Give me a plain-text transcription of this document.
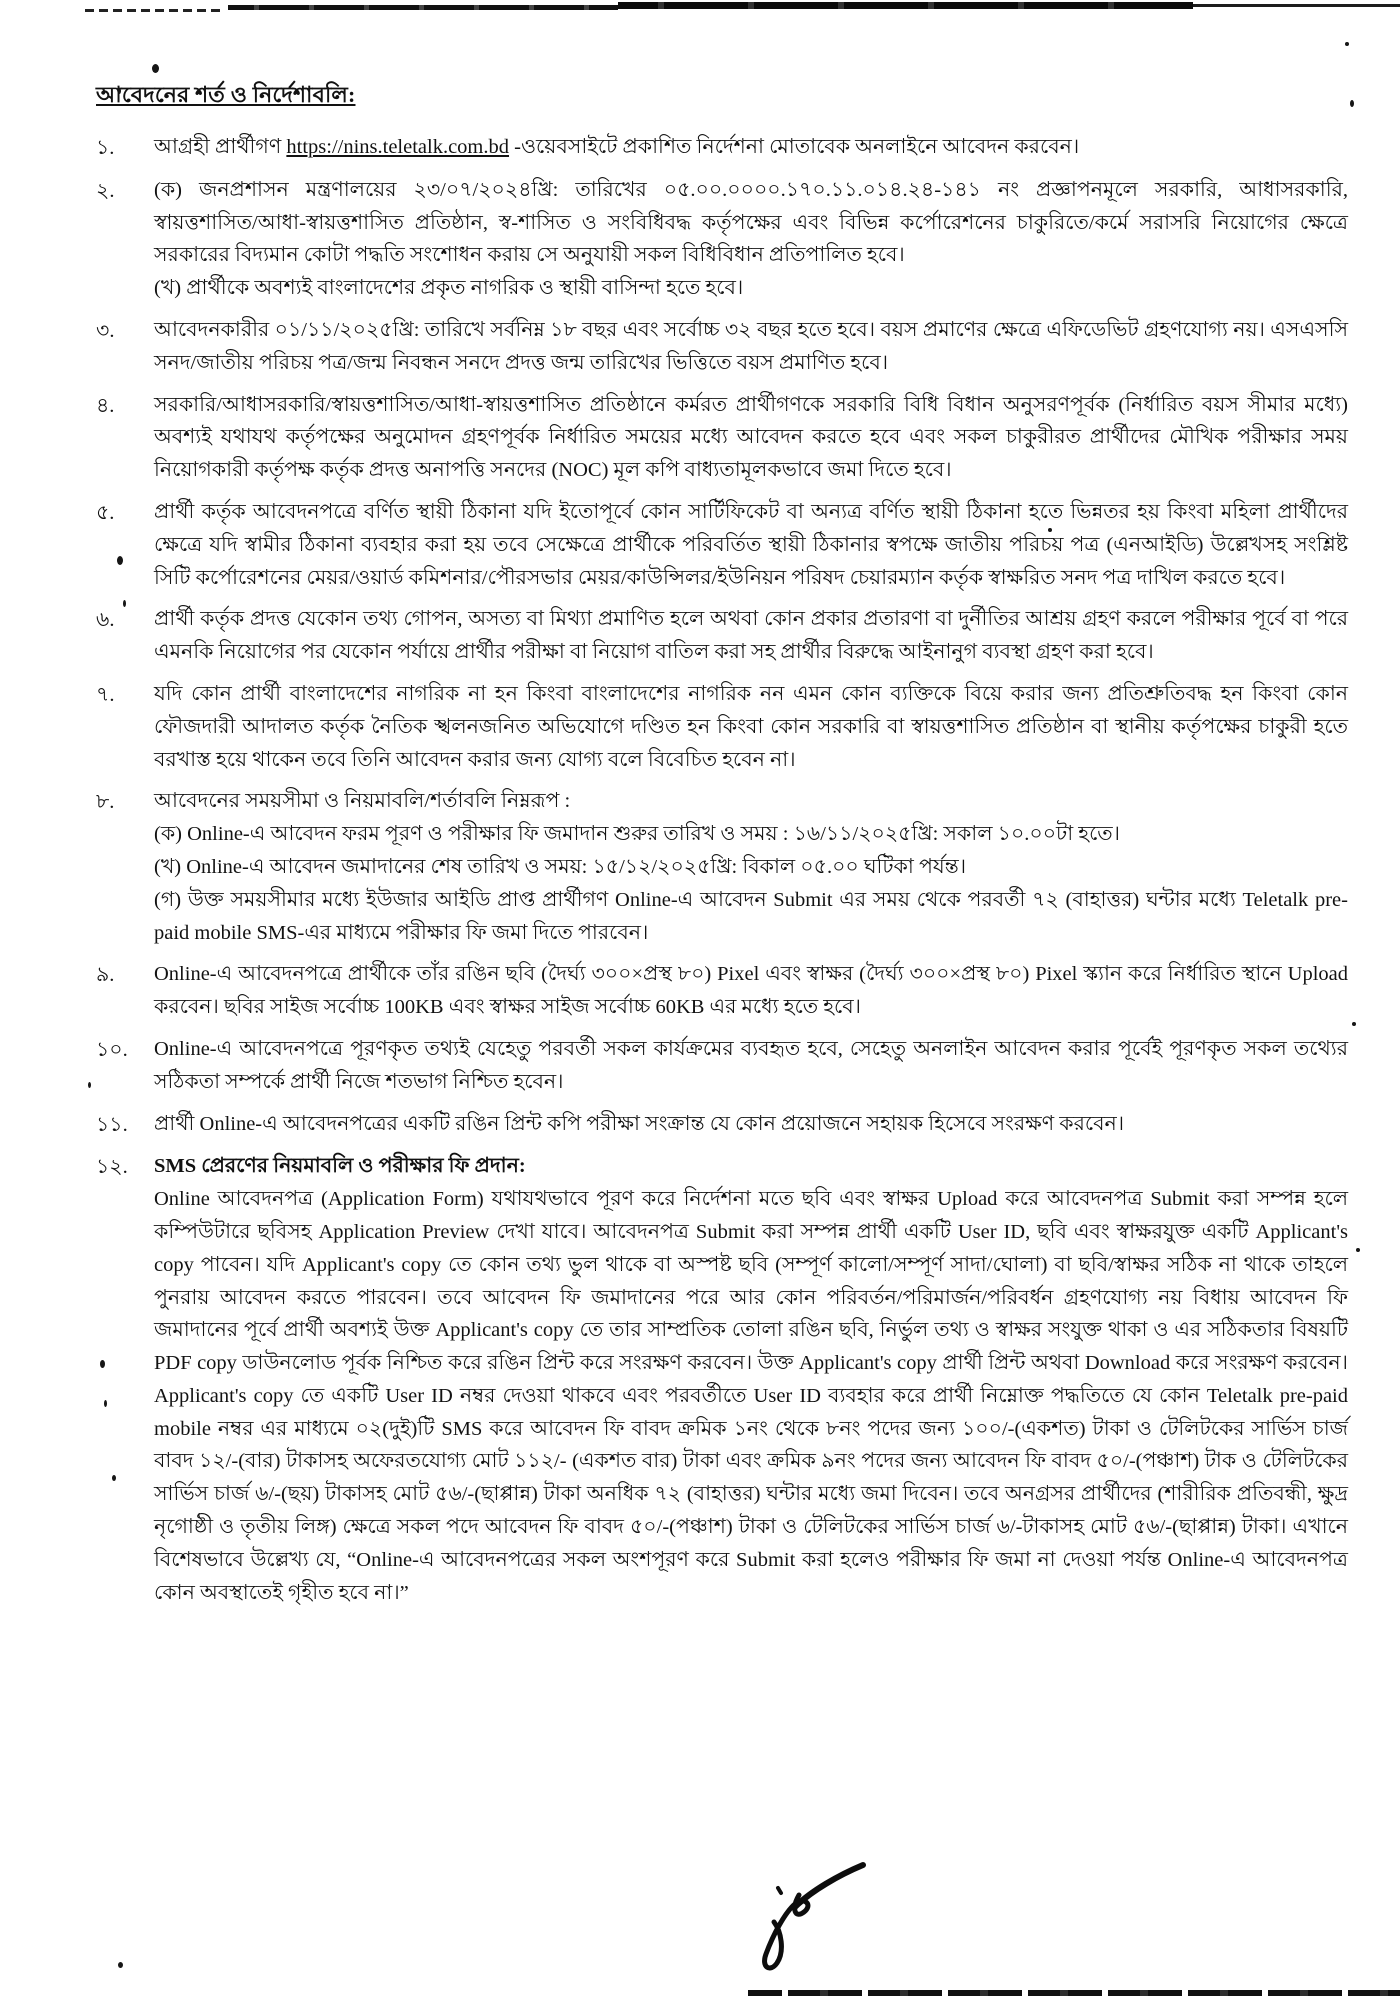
আবেদনের শর্ত ও নির্দেশাবলি:
১.	আগ্রহী প্রার্থীগণ https://nins.teletalk.com.bd -ওয়েবসাইটে প্রকাশিত নির্দেশনা মোতাবেক অনলাইনে আবেদন করবেন।

২.	(ক) জনপ্রশাসন মন্ত্রণালয়ের ২৩/০৭/২০২৪খ্রি: তারিখের ০৫.০০.০০০০.১৭০.১১.০১৪.২৪-১৪১ নং প্রজ্ঞাপনমূলে সরকারি, আধাসরকারি, স্বায়ত্তশাসিত/আধা-স্বায়ত্তশাসিত প্রতিষ্ঠান, স্ব-শাসিত ও সংবিধিবদ্ধ কর্তৃপক্ষের এবং বিভিন্ন কর্পোরেশনের চাকুরিতে/কর্মে সরাসরি নিয়োগের ক্ষেত্রে সরকারের বিদ্যমান কোটা পদ্ধতি সংশোধন করায় সে অনুযায়ী সকল বিধিবিধান প্রতিপালিত হবে।

(খ) প্রার্থীকে অবশ্যই বাংলাদেশের প্রকৃত নাগরিক ও স্থায়ী বাসিন্দা হতে হবে।

৩.	আবেদনকারীর ০১/১১/২০২৫খ্রি: তারিখে সর্বনিম্ন ১৮ বছর এবং সর্বোচ্চ ৩২ বছর হতে হবে। বয়স প্রমাণের ক্ষেত্রে এফিডেভিট গ্রহণযোগ্য নয়। এসএসসি সনদ/জাতীয় পরিচয় পত্র/জন্ম নিবন্ধন সনদে প্রদত্ত জন্ম তারিখের ভিত্তিতে বয়স প্রমাণিত হবে।

৪.	সরকারি/আধাসরকারি/স্বায়ত্তশাসিত/আধা-স্বায়ত্তশাসিত প্রতিষ্ঠানে কর্মরত প্রার্থীগণকে সরকারি বিধি বিধান অনুসরণপূর্বক (নির্ধারিত বয়স সীমার মধ্যে) অবশ্যই যথাযথ কর্তৃপক্ষের অনুমোদন গ্রহণপূর্বক নির্ধারিত সময়ের মধ্যে আবেদন করতে হবে এবং সকল চাকুরীরত প্রার্থীদের মৌখিক পরীক্ষার সময় নিয়োগকারী কর্তৃপক্ষ কর্তৃক প্রদত্ত অনাপত্তি সনদের (NOC) মূল কপি বাধ্যতামূলকভাবে জমা দিতে হবে।

৫.	প্রার্থী কর্তৃক আবেদনপত্রে বর্ণিত স্থায়ী ঠিকানা যদি ইতোপূর্বে কোন সার্টিফিকেট বা অন্যত্র বর্ণিত স্থায়ী ঠিকানা হতে ভিন্নতর হয় কিংবা মহিলা প্রার্থীদের ক্ষেত্রে যদি স্বামীর ঠিকানা ব্যবহার করা হয় তবে সেক্ষেত্রে প্রার্থীকে পরিবর্তিত স্থায়ী ঠিকানার স্বপক্ষে জাতীয় পরিচয় পত্র (এনআইডি) উল্লেখসহ সংশ্লিষ্ট সিটি কর্পোরেশনের মেয়র/ওয়ার্ড কমিশনার/পৌরসভার মেয়র/কাউন্সিলর/ইউনিয়ন পরিষদ চেয়ারম্যান কর্তৃক স্বাক্ষরিত সনদ পত্র দাখিল করতে হবে।

৬.	প্রার্থী কর্তৃক প্রদত্ত যেকোন তথ্য গোপন, অসত্য বা মিথ্যা প্রমাণিত হলে অথবা কোন প্রকার প্রতারণা বা দুর্নীতির আশ্রয় গ্রহণ করলে পরীক্ষার পূর্বে বা পরে এমনকি নিয়োগের পর যেকোন পর্যায়ে প্রার্থীর পরীক্ষা বা নিয়োগ বাতিল করা সহ প্রার্থীর বিরুদ্ধে আইনানুগ ব্যবস্থা গ্রহণ করা হবে।

৭.	যদি কোন প্রার্থী বাংলাদেশের নাগরিক না হন কিংবা বাংলাদেশের নাগরিক নন এমন কোন ব্যক্তিকে বিয়ে করার জন্য প্রতিশ্রুতিবদ্ধ হন কিংবা কোন ফৌজদারী আদালত কর্তৃক নৈতিক স্খলনজনিত অভিযোগে দণ্ডিত হন কিংবা কোন সরকারি বা স্বায়ত্তশাসিত প্রতিষ্ঠান বা স্থানীয় কর্তৃপক্ষের চাকুরী হতে বরখাস্ত হয়ে থাকেন তবে তিনি আবেদন করার জন্য যোগ্য বলে বিবেচিত হবেন না।

৮.	আবেদনের সময়সীমা ও নিয়মাবলি/শর্তাবলি নিম্নরূপ :

(ক) Online-এ আবেদন ফরম পূরণ ও পরীক্ষার ফি জমাদান শুরুর তারিখ ও সময় : ১৬/১১/২০২৫খ্রি: সকাল ১০.০০টা হতে।

(খ) Online-এ আবেদন জমাদানের শেষ তারিখ ও সময়: ১৫/১২/২০২৫খ্রি: বিকাল ০৫.০০ ঘটিকা পর্যন্ত।

(গ) উক্ত সময়সীমার মধ্যে ইউজার আইডি প্রাপ্ত প্রার্থীগণ Online-এ আবেদন Submit এর সময় থেকে পরবর্তী ৭২ (বাহাত্তর) ঘন্টার মধ্যে Teletalk pre-paid mobile SMS-এর মাধ্যমে পরীক্ষার ফি জমা দিতে পারবেন।

৯.	Online-এ আবেদনপত্রে প্রার্থীকে তাঁর রঙিন ছবি (দৈর্ঘ্য ৩০০×প্রস্থ ৮০) Pixel এবং স্বাক্ষর (দৈর্ঘ্য ৩০০×প্রস্থ ৮০) Pixel স্ক্যান করে নির্ধারিত স্থানে Upload করবেন। ছবির সাইজ সর্বোচ্চ 100KB এবং স্বাক্ষর সাইজ সর্বোচ্চ 60KB এর মধ্যে হতে হবে।

১০.	Online-এ আবেদনপত্রে পূরণকৃত তথ্যই যেহেতু পরবর্তী সকল কার্যক্রমের ব্যবহৃত হবে, সেহেতু অনলাইন আবেদন করার পূর্বেই পূরণকৃত সকল তথ্যের সঠিকতা সম্পর্কে প্রার্থী নিজে শতভাগ নিশ্চিত হবেন।

১১.	প্রার্থী Online-এ আবেদনপত্রের একটি রঙিন প্রিন্ট কপি পরীক্ষা সংক্রান্ত যে কোন প্রয়োজনে সহায়ক হিসেবে সংরক্ষণ করবেন।

১২.	SMS প্রেরণের নিয়মাবলি ও পরীক্ষার ফি প্রদান:

Online আবেদনপত্র (Application Form) যথাযথভাবে পূরণ করে নির্দেশনা মতে ছবি এবং স্বাক্ষর Upload করে আবেদনপত্র Submit করা সম্পন্ন হলে কম্পিউটারে ছবিসহ Application Preview দেখা যাবে। আবেদনপত্র Submit করা সম্পন্ন প্রার্থী একটি User ID, ছবি এবং স্বাক্ষরযুক্ত একটি Applicant's copy পাবেন। যদি Applicant's copy তে কোন তথ্য ভুল থাকে বা অস্পষ্ট ছবি (সম্পূর্ণ কালো/সম্পূর্ণ সাদা/ঘোলা) বা ছবি/স্বাক্ষর সঠিক না থাকে তাহলে পুনরায় আবেদন করতে পারবেন। তবে আবেদন ফি জমাদানের পরে আর কোন পরিবর্তন/পরিমার্জন/পরিবর্ধন গ্রহণযোগ্য নয় বিধায় আবেদন ফি জমাদানের পূর্বে প্রার্থী অবশ্যই উক্ত Applicant's copy তে তার সাম্প্রতিক তোলা রঙিন ছবি, নির্ভুল তথ্য ও স্বাক্ষর সংযুক্ত থাকা ও এর সঠিকতার বিষয়টি PDF copy ডাউনলোড পূর্বক নিশ্চিত করে রঙিন প্রিন্ট করে সংরক্ষণ করবেন। উক্ত Applicant's copy প্রার্থী প্রিন্ট অথবা Download করে সংরক্ষণ করবেন। Applicant's copy তে একটি User ID নম্বর দেওয়া থাকবে এবং পরবর্তীতে User ID ব্যবহার করে প্রার্থী নিম্নোক্ত পদ্ধতিতে যে কোন Teletalk pre-paid mobile নম্বর এর মাধ্যমে ০২(দুই)টি SMS করে আবেদন ফি বাবদ ক্রমিক ১নং থেকে ৮নং পদের জন্য ১০০/-(একশত) টাকা ও টেলিটকের সার্ভিস চার্জ বাবদ ১২/-(বার) টাকাসহ অফেরতযোগ্য মোট ১১২/- (একশত বার) টাকা এবং ক্রমিক ৯নং পদের জন্য আবেদন ফি বাবদ ৫০/-(পঞ্চাশ) টাক ও টেলিটকের সার্ভিস চার্জ ৬/-(ছয়) টাকাসহ মোট ৫৬/-(ছাপ্পান্ন) টাকা অনধিক ৭২ (বাহাত্তর) ঘন্টার মধ্যে জমা দিবেন। তবে অনগ্রসর প্রার্থীদের (শারীরিক প্রতিবন্ধী, ক্ষুদ্র নৃগোষ্ঠী ও তৃতীয় লিঙ্গ) ক্ষেত্রে সকল পদে আবেদন ফি বাবদ ৫০/-(পঞ্চাশ) টাকা ও টেলিটকের সার্ভিস চার্জ ৬/-টাকাসহ মোট ৫৬/-(ছাপ্পান্ন) টাকা। এখানে বিশেষভাবে উল্লেখ্য যে, “Online-এ আবেদনপত্রের সকল অংশপূরণ করে Submit করা হলেও পরীক্ষার ফি জমা না দেওয়া পর্যন্ত Online-এ আবেদনপত্র কোন অবস্থাতেই গৃহীত হবে না।”
